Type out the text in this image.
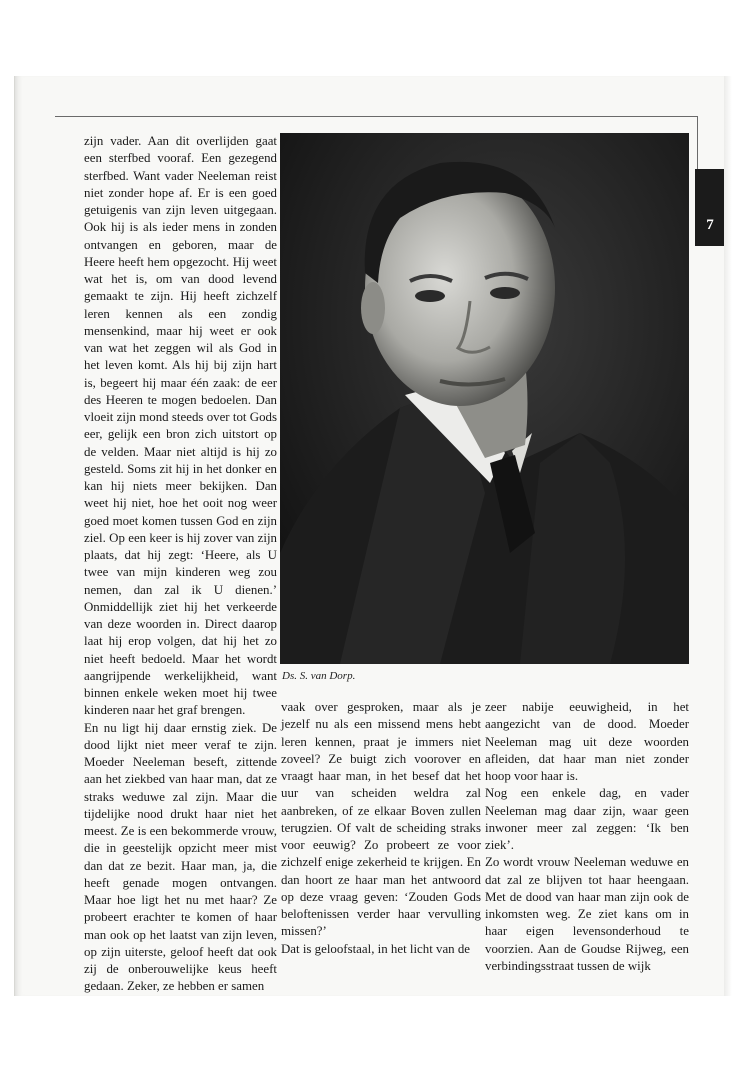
zijn vader. Aan dit overlijden gaat een sterfbed vooraf. Een gezegend sterfbed. Want vader Neeleman reist niet zonder hope af. Er is een goed getuigenis van zijn leven uitgegaan. Ook hij is als ieder mens in zonden ontvangen en geboren, maar de Heere heeft hem opgezocht. Hij weet wat het is, om van dood levend gemaakt te zijn. Hij heeft zichzelf leren kennen als een zondig mensenkind, maar hij weet er ook van wat het zeggen wil als God in het leven komt. Als hij bij zijn hart is, begeert hij maar één zaak: de eer des Heeren te mogen bedoelen. Dan vloeit zijn mond steeds over tot Gods eer, gelijk een bron zich uitstort op de velden. Maar niet altijd is hij zo gesteld. Soms zit hij in het donker en kan hij niets meer bekijken. Dan weet hij niet, hoe het ooit nog weer goed moet komen tussen God en zijn ziel. Op een keer is hij zover van zijn plaats, dat hij zegt: ‘Heere, als U twee van mijn kinderen weg zou nemen, dan zal ik U dienen.’ Onmiddellijk ziet hij het verkeerde van deze woorden in. Direct daarop laat hij erop volgen, dat hij het zo niet heeft bedoeld. Maar het wordt aangrijpende werkelijkheid, want binnen enkele weken moet hij twee kinderen naar het graf brengen.

En nu ligt hij daar ernstig ziek. De dood lijkt niet meer veraf te zijn. Moeder Neeleman beseft, zittende aan het ziekbed van haar man, dat ze straks weduwe zal zijn. Maar die tijdelijke nood drukt haar niet het meest. Ze is een bekommerde vrouw, die in geestelijk opzicht meer mist dan dat ze bezit. Haar man, ja, die heeft genade mogen ontvangen. Maar hoe ligt het nu met haar? Ze probeert erachter te komen of haar man ook op het laatst van zijn leven, op zijn uiterste, geloof heeft dat ook zij de onberouwelijke keus heeft gedaan. Zeker, ze hebben er samen

Ds. S. van Dorp.

vaak over gesproken, maar als je jezelf nu als een missend mens hebt leren kennen, praat je immers niet zoveel? Ze buigt zich voorover en vraagt haar man, in het besef dat het uur van scheiden weldra zal aanbreken, of ze elkaar Boven zullen terugzien. Of valt de scheiding straks voor eeuwig? Zo probeert ze voor zichzelf enige zekerheid te krijgen. En dan hoort ze haar man het antwoord op deze vraag geven: ‘Zouden Gods beloftenissen verder haar vervulling missen?’

Dat is geloofstaal, in het licht van de

zeer nabije eeuwigheid, in het aangezicht van de dood. Moeder Neeleman mag uit deze woorden afleiden, dat haar man niet zonder hoop voor haar is.

Nog een enkele dag, en vader Neeleman mag daar zijn, waar geen inwoner meer zal zeggen: ‘Ik ben ziek’.

Zo wordt vrouw Neeleman weduwe en dat zal ze blijven tot haar heengaan. Met de dood van haar man zijn ook de inkomsten weg. Ze ziet kans om in haar eigen levensonderhoud te voorzien. Aan de Goudse Rijweg, een verbindingsstraat tussen de wijk

7
